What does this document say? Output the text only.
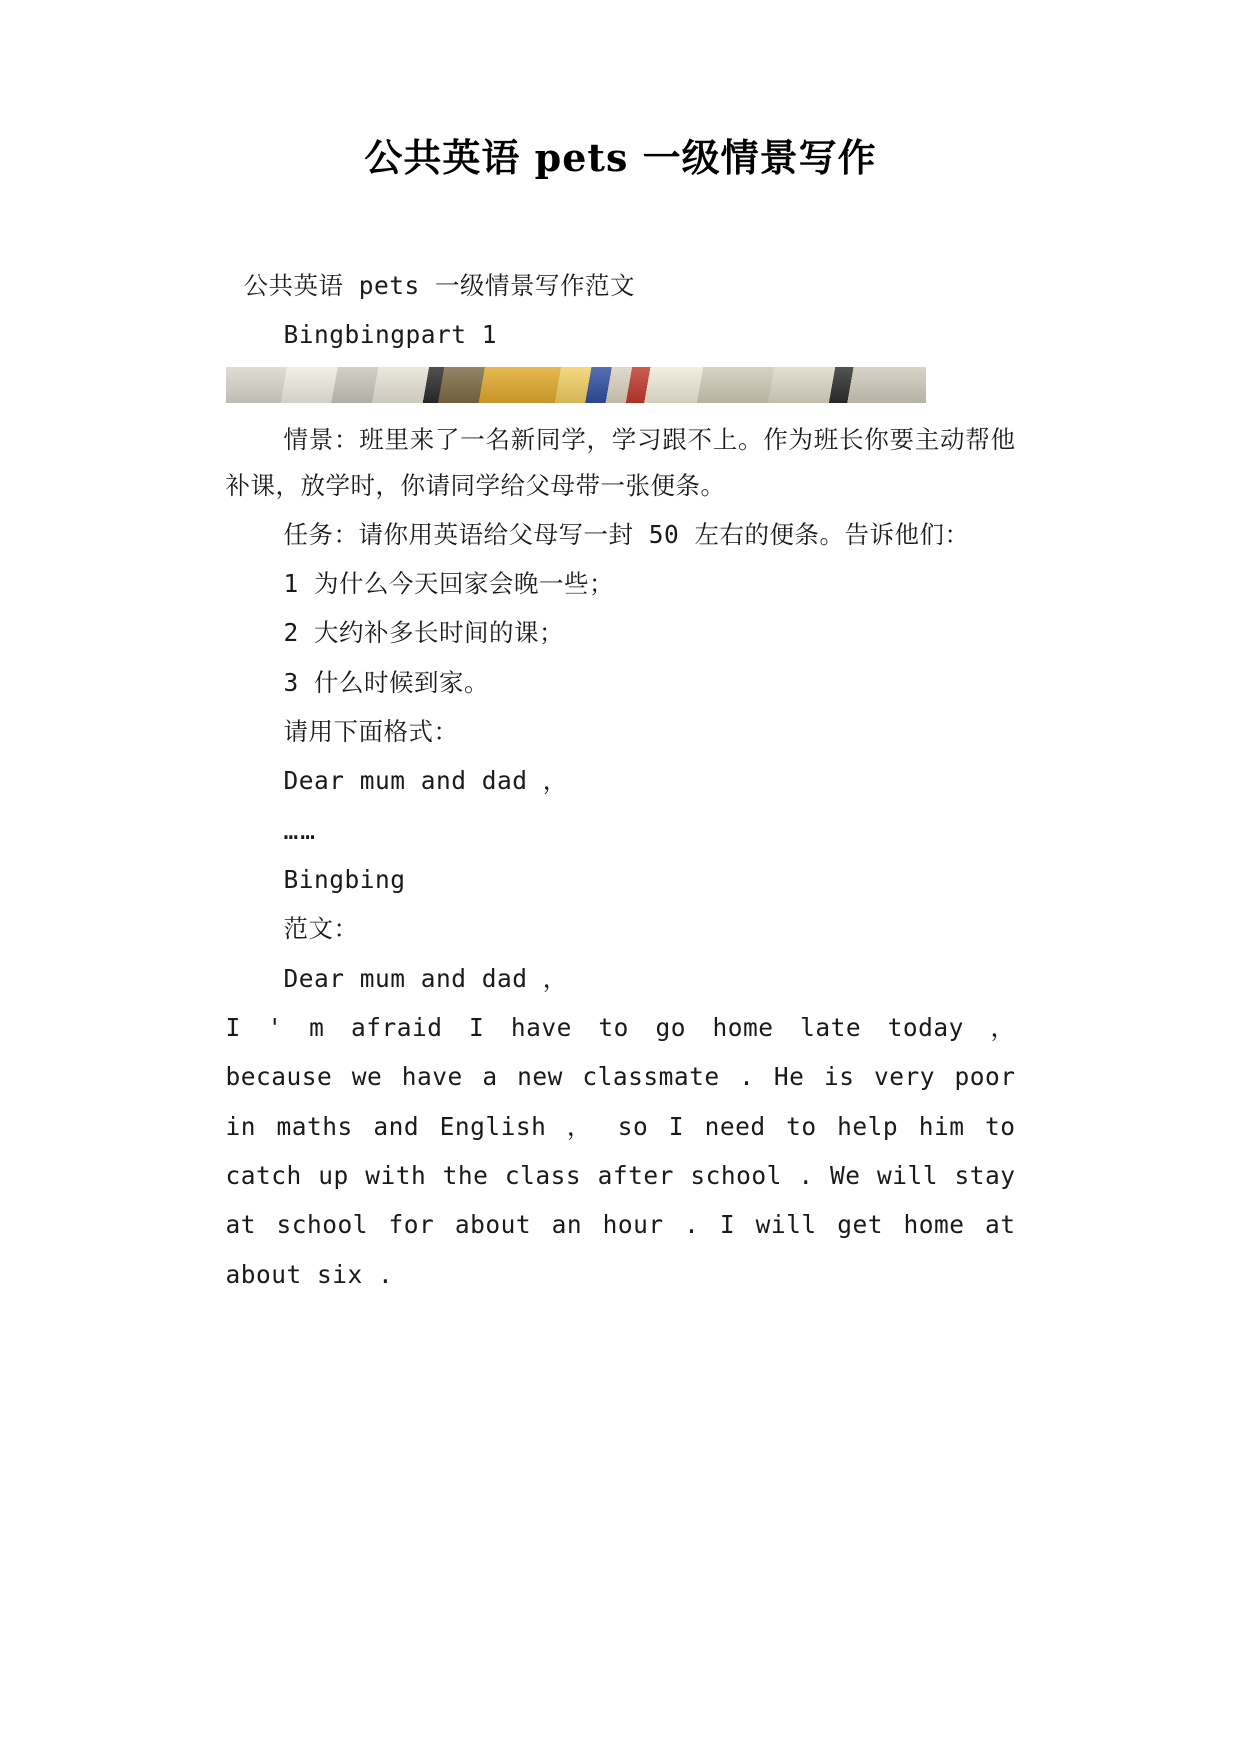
公共英语 pets 一级情景写作

公共英语 pets 一级情景写作范文

Bingbingpart 1

情景：班里来了一名新同学，学习跟不上。作为班长你要主动帮他补课，放学时，你请同学给父母带一张便条。

任务：请你用英语给父母写一封 50 左右的便条。告诉他们：

1 为什么今天回家会晚一些；

2 大约补多长时间的课；

3 什么时候到家。

请用下面格式：

Dear mum and dad ，

……

Bingbing

范文：

Dear mum and dad ，

I ' m afraid I have to go home late today ，

because we have a new classmate . He is very poor

in maths and English ， so I need to help him to

catch up with the class after school . We will stay

at school for about an hour . I will get home at

about six .
